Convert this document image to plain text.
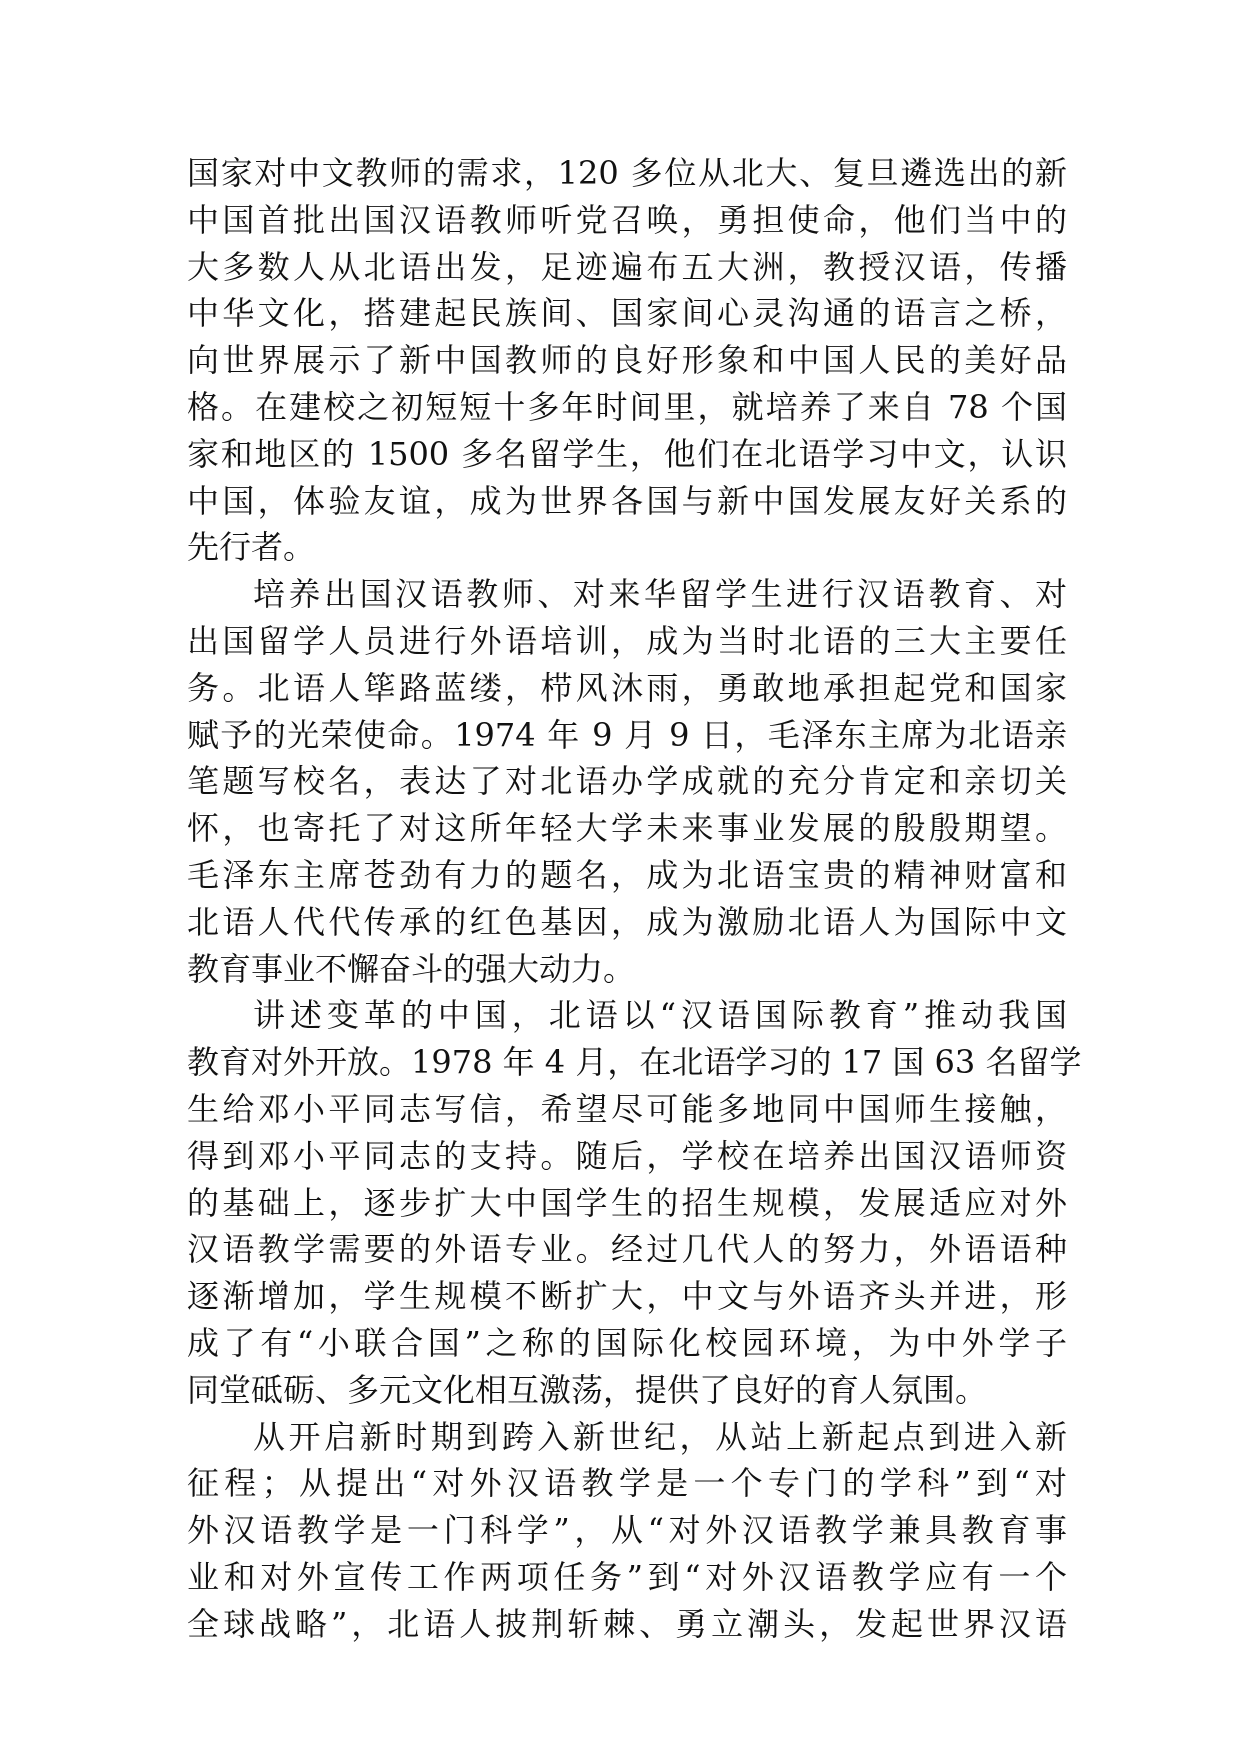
国家对中文教师的需求，120 多位从北大、复旦遴选出的新
中国首批出国汉语教师听党召唤，勇担使命，他们当中的
大多数人从北语出发，足迹遍布五大洲，教授汉语，传播
中华文化，搭建起民族间、国家间心灵沟通的语言之桥，
向世界展示了新中国教师的良好形象和中国人民的美好品
格。在建校之初短短十多年时间里，就培养了来自 78 个国
家和地区的 1500 多名留学生，他们在北语学习中文，认识
中国，体验友谊，成为世界各国与新中国发展友好关系的
先行者。
培养出国汉语教师、对来华留学生进行汉语教育、对
出国留学人员进行外语培训，成为当时北语的三大主要任
务。北语人筚路蓝缕，栉风沐雨，勇敢地承担起党和国家
赋予的光荣使命。1974 年 9 月 9 日，毛泽东主席为北语亲
笔题写校名，表达了对北语办学成就的充分肯定和亲切关
怀，也寄托了对这所年轻大学未来事业发展的殷殷期望。
毛泽东主席苍劲有力的题名，成为北语宝贵的精神财富和
北语人代代传承的红色基因，成为激励北语人为国际中文
教育事业不懈奋斗的强大动力。
讲述变革的中国，北语以“汉语国际教育”推动我国
教育对外开放。1978 年 4 月，在北语学习的 17 国 63 名留学
生给邓小平同志写信，希望尽可能多地同中国师生接触，
得到邓小平同志的支持。随后，学校在培养出国汉语师资
的基础上，逐步扩大中国学生的招生规模，发展适应对外
汉语教学需要的外语专业。经过几代人的努力，外语语种
逐渐增加，学生规模不断扩大，中文与外语齐头并进，形
成了有“小联合国”之称的国际化校园环境，为中外学子
同堂砥砺、多元文化相互激荡，提供了良好的育人氛围。
从开启新时期到跨入新世纪，从站上新起点到进入新
征程；从提出“对外汉语教学是一个专门的学科”到“对
外汉语教学是一门科学”，从“对外汉语教学兼具教育事
业和对外宣传工作两项任务”到“对外汉语教学应有一个
全球战略”，北语人披荆斩棘、勇立潮头，发起世界汉语
